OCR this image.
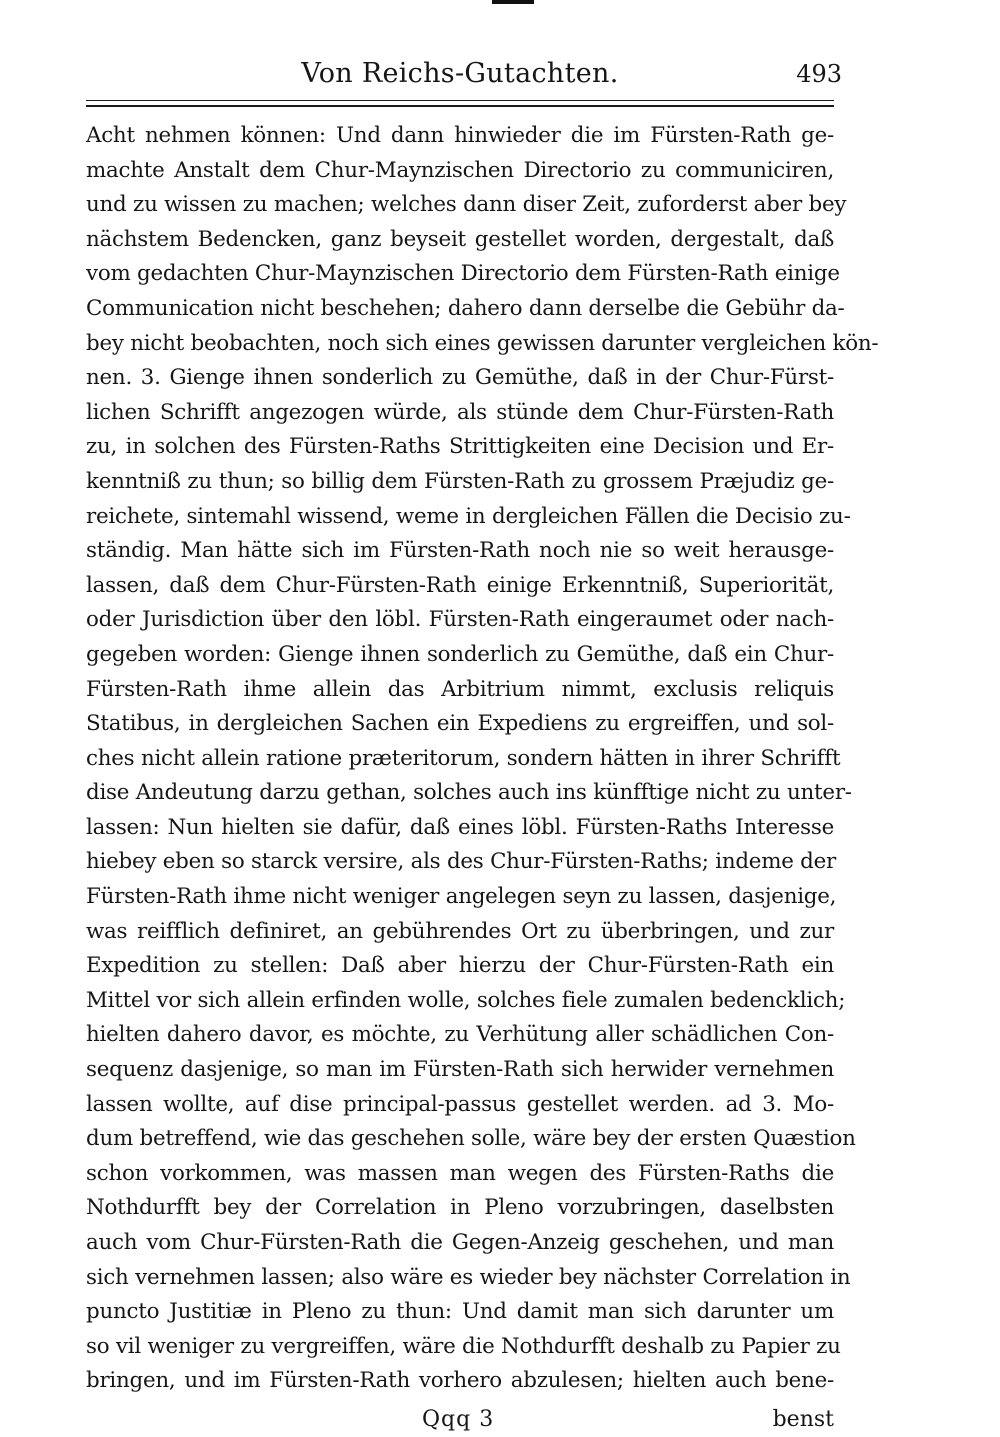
Von Reichs-Gutachten.	493
Acht nehmen können: Und dann hinwieder die im Fürsten-Rath ge-
machte Anstalt dem Chur-Maynzischen Directorio zu communiciren,
und zu wissen zu machen; welches dann diser Zeit, zuforderst aber bey
nächstem Bedencken, ganz beyseit gestellet worden, dergestalt, daß
vom gedachten Chur-Maynzischen Directorio dem Fürsten-Rath einige
Communication nicht beschehen; dahero dann derselbe die Gebühr da-
bey nicht beobachten, noch sich eines gewissen darunter vergleichen kön-
nen. 3. Gienge ihnen sonderlich zu Gemüthe, daß in der Chur-Fürst-
lichen Schrifft angezogen würde, als stünde dem Chur-Fürsten-Rath
zu, in solchen des Fürsten-Raths Strittigkeiten eine Decision und Er-
kenntniß zu thun; so billig dem Fürsten-Rath zu grossem Præjudiz ge-
reichete, sintemahl wissend, weme in dergleichen Fällen die Decisio zu-
ständig. Man hätte sich im Fürsten-Rath noch nie so weit herausge-
lassen, daß dem Chur-Fürsten-Rath einige Erkenntniß, Superiorität,
oder Jurisdiction über den löbl. Fürsten-Rath eingeraumet oder nach-
gegeben worden: Gienge ihnen sonderlich zu Gemüthe, daß ein Chur-
Fürsten-Rath ihme allein das Arbitrium nimmt, exclusis reliquis
Statibus, in dergleichen Sachen ein Expediens zu ergreiffen, und sol-
ches nicht allein ratione præteritorum, sondern hätten in ihrer Schrifft
dise Andeutung darzu gethan, solches auch ins künfftige nicht zu unter-
lassen: Nun hielten sie dafür, daß eines löbl. Fürsten-Raths Interesse
hiebey eben so starck versire, als des Chur-Fürsten-Raths; indeme der
Fürsten-Rath ihme nicht weniger angelegen seyn zu lassen, dasjenige,
was reifflich definiret, an gebührendes Ort zu überbringen, und zur
Expedition zu stellen: Daß aber hierzu der Chur-Fürsten-Rath ein
Mittel vor sich allein erfinden wolle, solches fiele zumalen bedencklich;
hielten dahero davor, es möchte, zu Verhütung aller schädlichen Con-
sequenz dasjenige, so man im Fürsten-Rath sich herwider vernehmen
lassen wollte, auf dise principal-passus gestellet werden. ad 3. Mo-
dum betreffend, wie das geschehen solle, wäre bey der ersten Quæstion
schon vorkommen, was massen man wegen des Fürsten-Raths die
Nothdurfft bey der Correlation in Pleno vorzubringen, daselbsten
auch vom Chur-Fürsten-Rath die Gegen-Anzeig geschehen, und man
sich vernehmen lassen; also wäre es wieder bey nächster Correlation in
puncto Justitiæ in Pleno zu thun: Und damit man sich darunter um
so vil weniger zu vergreiffen, wäre die Nothdurfft deshalb zu Papier zu
bringen, und im Fürsten-Rath vorhero abzulesen; hielten auch bene-
Qqq 3	benst
